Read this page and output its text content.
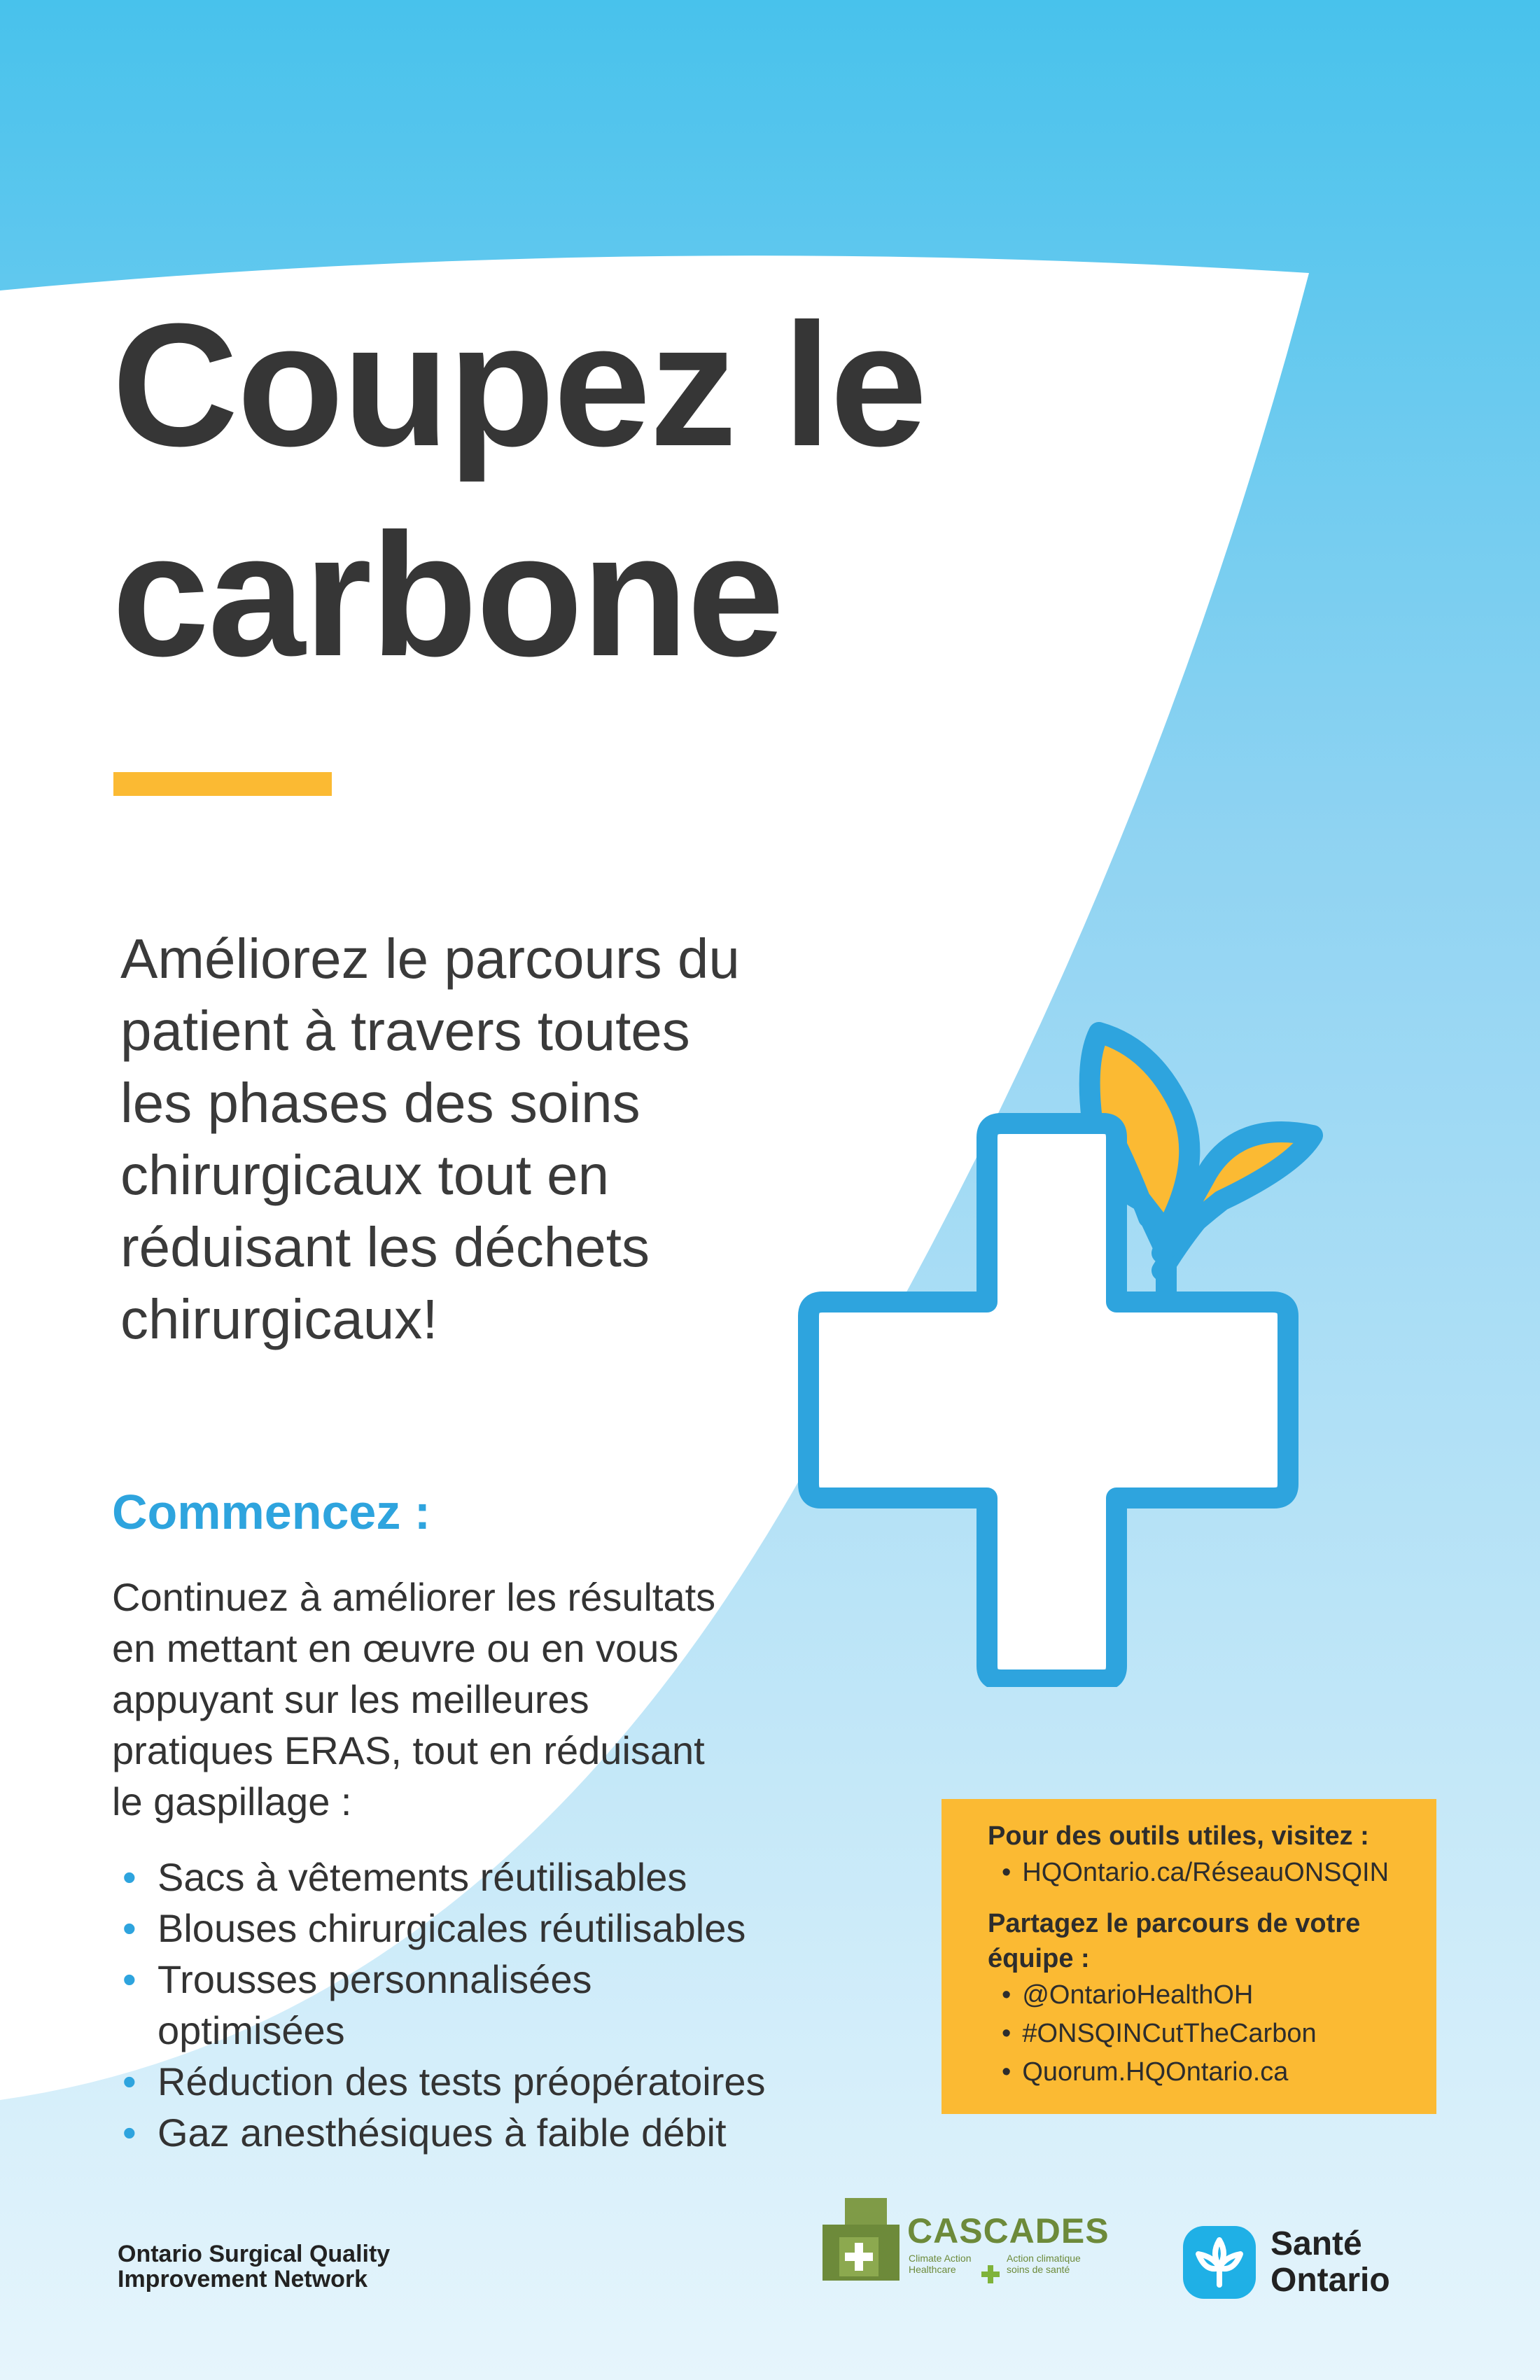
Coupez le
carbone
Améliorez le parcours du
patient à travers toutes
les phases des soins
chirurgicaux tout en
réduisant les déchets
chirurgicaux!
Commencez :
Continuez à améliorer les résultats
en mettant en œuvre ou en vous
appuyant sur les meilleures
pratiques ERAS, tout en réduisant
le gaspillage :
• Sacs à vêtements réutilisables
• Blouses chirurgicales réutilisables
• Trousses personnalisées
optimisées
• Réduction des tests préopératoires
• Gaz anesthésiques à faible débit
Pour des outils utiles, visitez :
• HQOntario.ca/RéseauONSQIN
Partagez le parcours de votre
équipe :
• @OntarioHealthOH
• #ONSQINCutTheCarbon
• Quorum.HQOntario.ca
Ontario Surgical Quality
Improvement Network
CASCADES
Climate Action Healthcare
Action climatique soins de santé
Santé
Ontario
